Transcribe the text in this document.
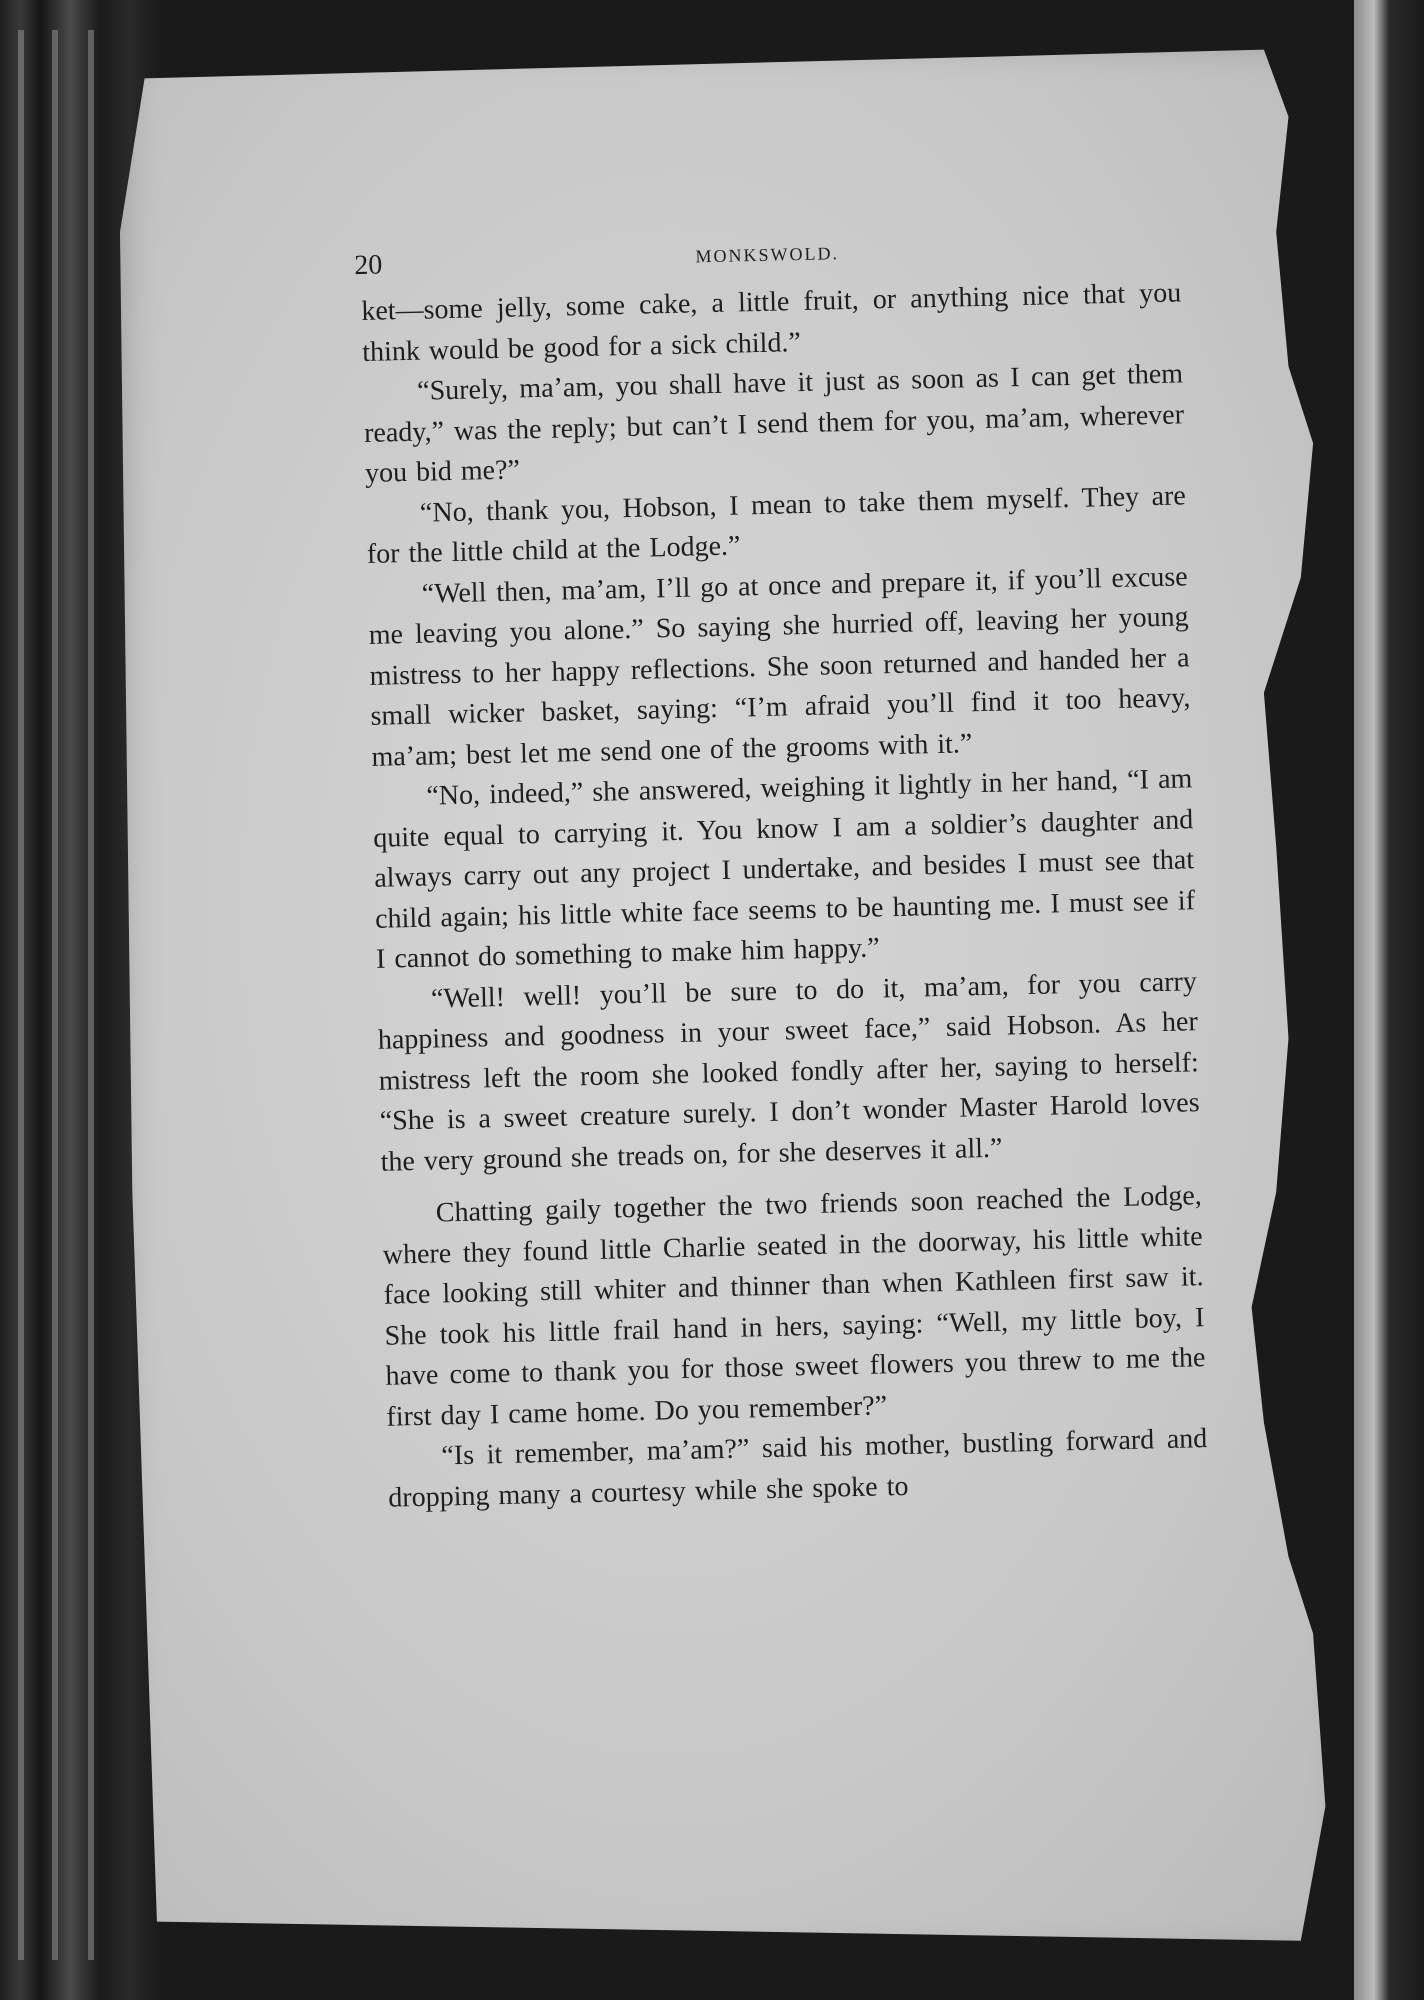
20	MONKSWOLD.

ket—some jelly, some cake, a little fruit, or anything nice that you think would be good for a sick child.”

“Surely, ma’am, you shall have it just as soon as I can get them ready,” was the reply; but can’t I send them for you, ma’am, wherever you bid me?”

“No, thank you, Hobson, I mean to take them myself. They are for the little child at the Lodge.”

“Well then, ma’am, I’ll go at once and prepare it, if you’ll excuse me leaving you alone.” So saying she hurried off, leaving her young mistress to her happy reflections. She soon returned and handed her a small wicker basket, saying: “I’m afraid you’ll find it too heavy, ma’am; best let me send one of the grooms with it.”

“No, indeed,” she answered, weighing it lightly in her hand, “I am quite equal to carrying it. You know I am a soldier’s daughter and always carry out any project I undertake, and besides I must see that child again; his little white face seems to be haunting me. I must see if I cannot do something to make him happy.”

“Well! well! you’ll be sure to do it, ma’am, for you carry happiness and goodness in your sweet face,” said Hobson. As her mistress left the room she looked fondly after her, saying to herself: “She is a sweet creature surely. I don’t wonder Master Harold loves the very ground she treads on, for she deserves it all.”

Chatting gaily together the two friends soon reached the Lodge, where they found little Charlie seated in the doorway, his little white face looking still whiter and thinner than when Kathleen first saw it. She took his little frail hand in hers, saying: “Well, my little boy, I have come to thank you for those sweet flowers you threw to me the first day I came home. Do you remember?”

“Is it remember, ma’am?” said his mother, bustling forward and dropping many a courtesy while she spoke to
